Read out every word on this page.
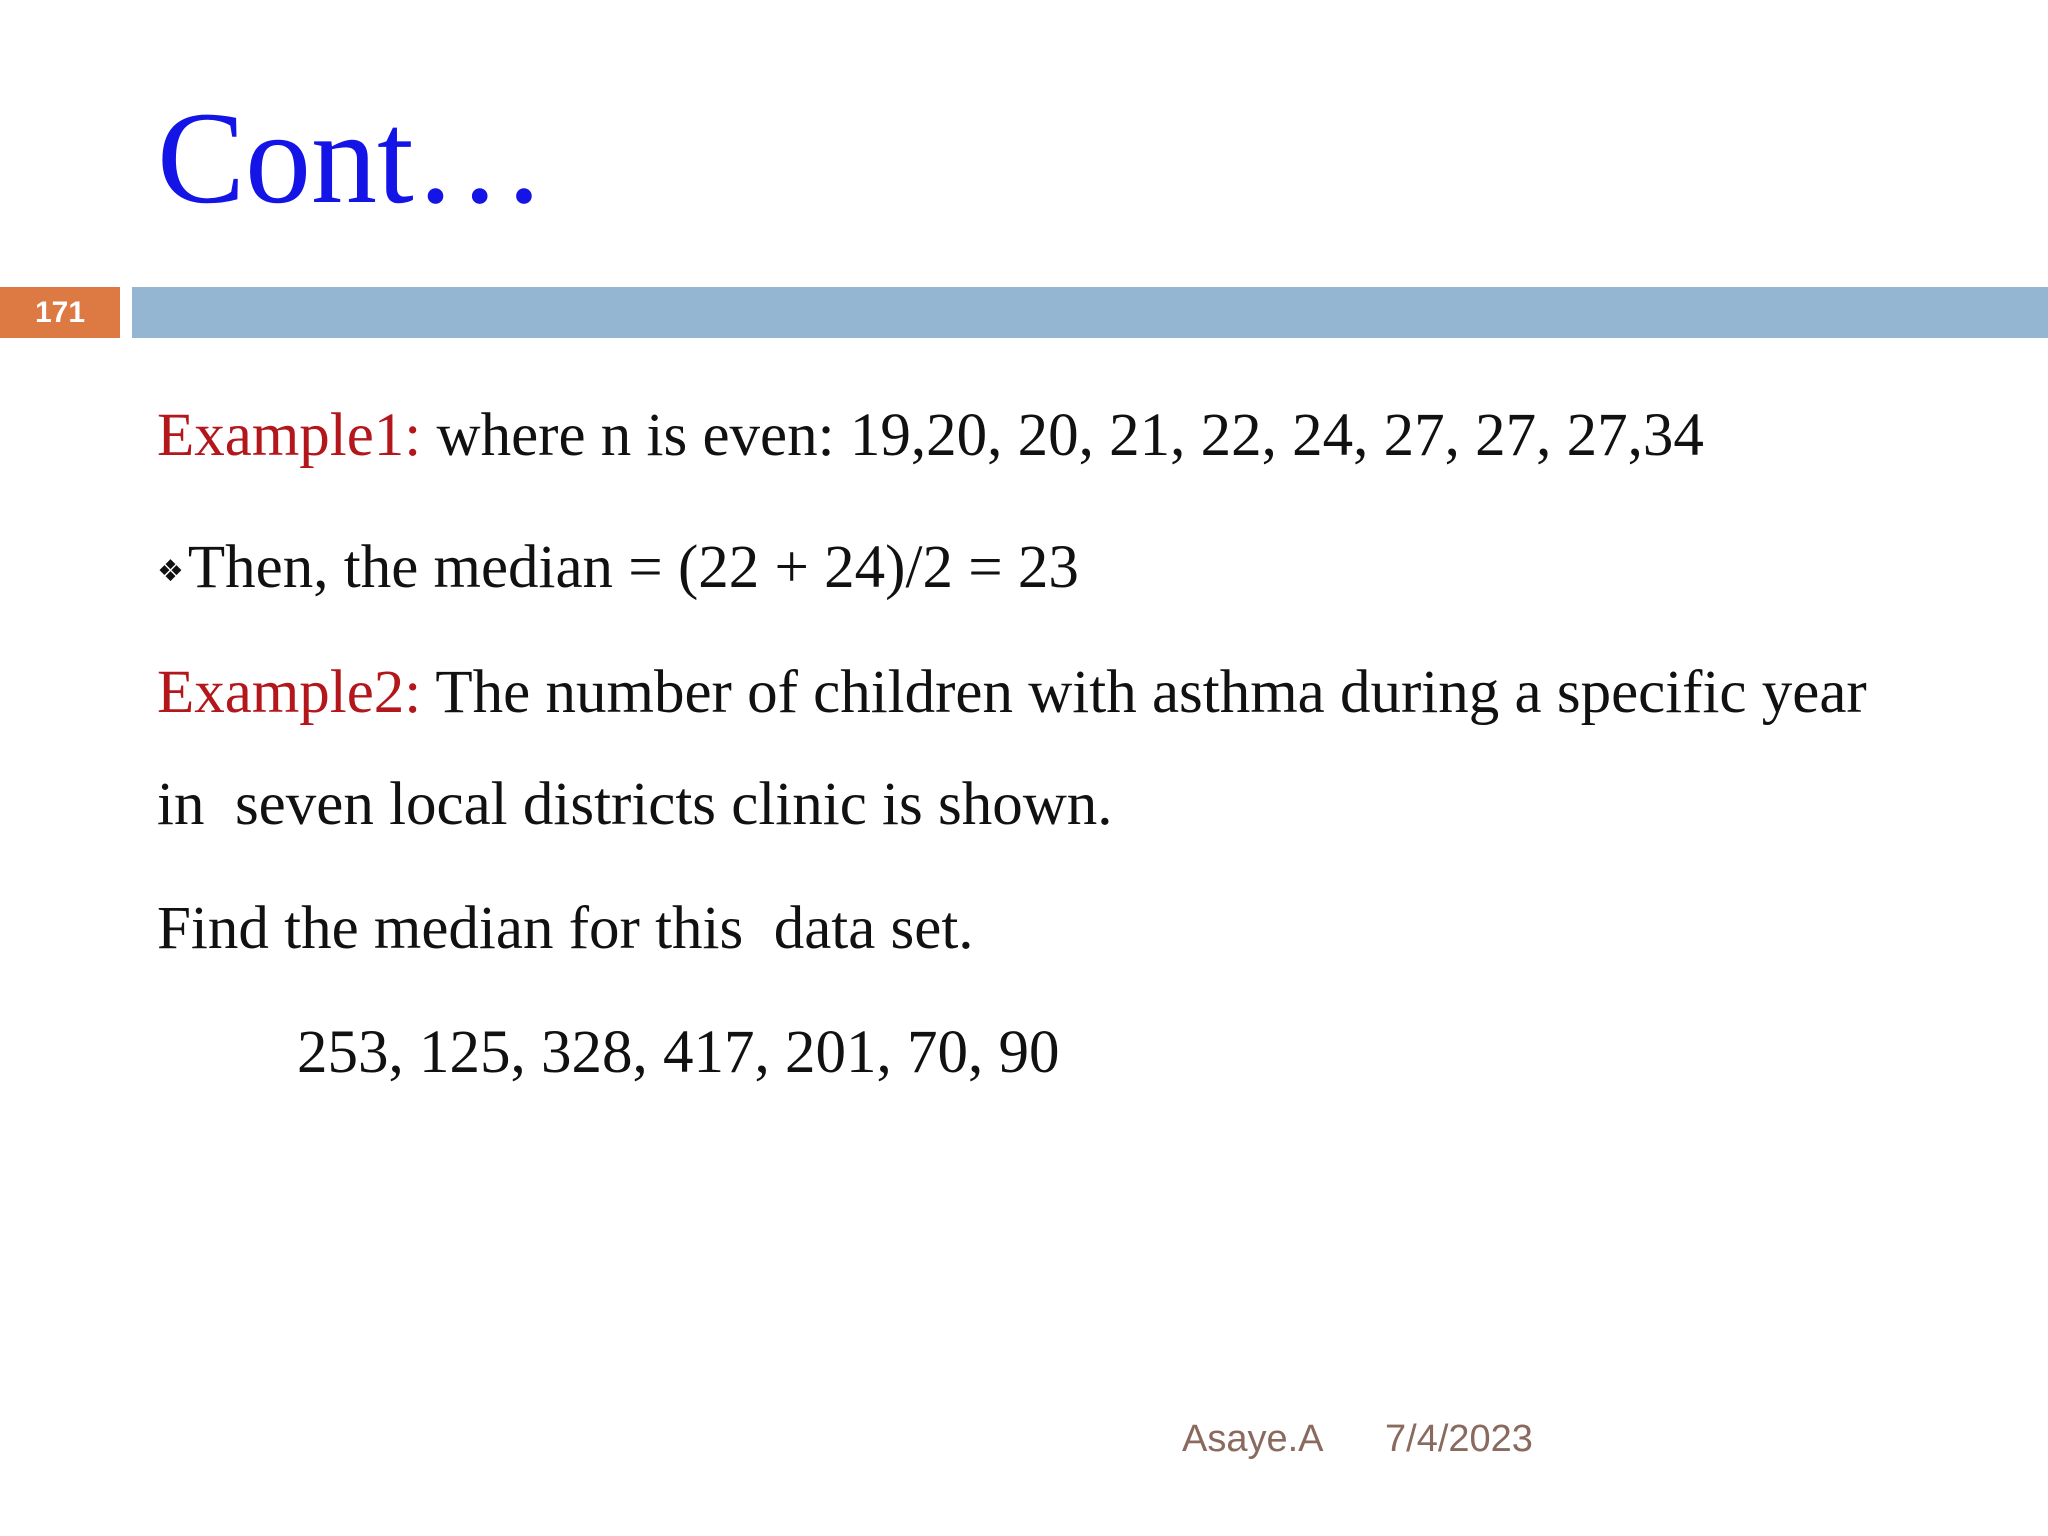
Cont…
171
Example1: where n is even: 19,20, 20, 21, 22, 24, 27, 27, 27,34
❖Then, the median = (22 + 24)/2 = 23
Example2: The number of children with asthma during a specific year
in  seven local districts clinic is shown.
Find the median for this  data set.
253, 125, 328, 417, 201, 70, 90
Asaye.A 7/4/2023
